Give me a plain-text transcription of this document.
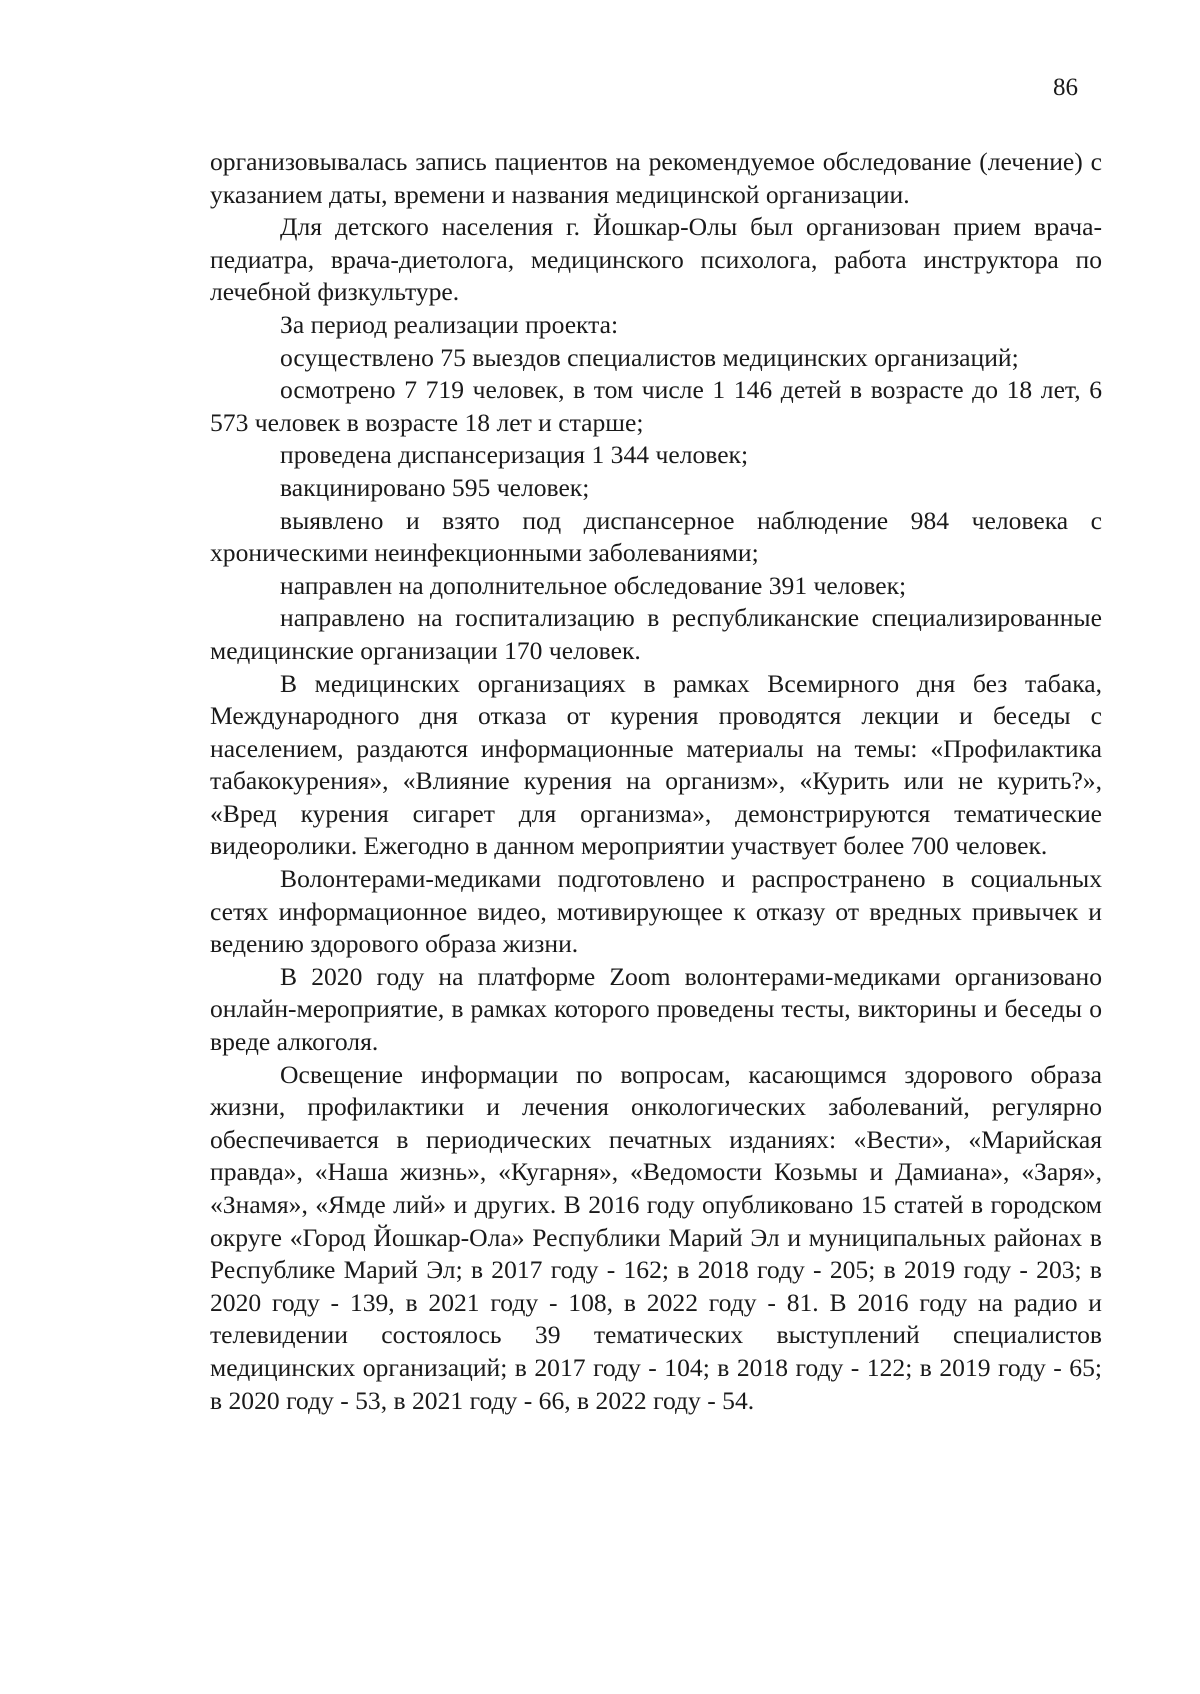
86

организовывалась запись пациентов на рекомендуемое обследование (лечение) с указанием даты, времени и названия медицинской организации.

Для детского населения г. Йошкар-Олы был организован прием врача-педиатра, врача-диетолога, медицинского психолога, работа инструктора по лечебной физкультуре.

За период реализации проекта:

осуществлено 75 выездов специалистов медицинских организаций;

осмотрено 7 719 человек, в том числе 1 146 детей в возрасте до 18 лет, 6 573 человек в возрасте 18 лет и старше;

проведена диспансеризация 1 344 человек;

вакцинировано 595 человек;

выявлено и взято под диспансерное наблюдение 984 человека с хроническими неинфекционными заболеваниями;

направлен на дополнительное обследование 391 человек;

направлено на госпитализацию в республиканские специализированные медицинские организации 170 человек.

В медицинских организациях в рамках Всемирного дня без табака, Международного дня отказа от курения проводятся лекции и беседы с населением, раздаются информационные материалы на темы: «Профилактика табакокурения», «Влияние курения на организм», «Курить или не курить?», «Вред курения сигарет для организма», демонстрируются тематические видеоролики. Ежегодно в данном мероприятии участвует более 700 человек.

Волонтерами-медиками подготовлено и распространено в социальных сетях информационное видео, мотивирующее к отказу от вредных привычек и ведению здорового образа жизни.

В 2020 году на платформе Zoom волонтерами-медиками организовано онлайн-мероприятие, в рамках которого проведены тесты, викторины и беседы о вреде алкоголя.

Освещение информации по вопросам, касающимся здорового образа жизни, профилактики и лечения онкологических заболеваний, регулярно обеспечивается в периодических печатных изданиях: «Вести», «Марийская правда», «Наша жизнь», «Кугарня», «Ведомости Козьмы и Дамиана», «Заря», «Знамя», «Ямде лий» и других. В 2016 году опубликовано 15 статей в городском округе «Город Йошкар-Ола» Республики Марий Эл и муниципальных районах в Республике Марий Эл; в 2017 году - 162; в 2018 году - 205; в 2019 году - 203; в 2020 году - 139, в 2021 году - 108, в 2022 году - 81. В 2016 году на радио и телевидении состоялось 39 тематических выступлений специалистов медицинских организаций; в 2017 году - 104; в 2018 году - 122; в 2019 году - 65; в 2020 году - 53, в 2021 году - 66, в 2022 году - 54.
